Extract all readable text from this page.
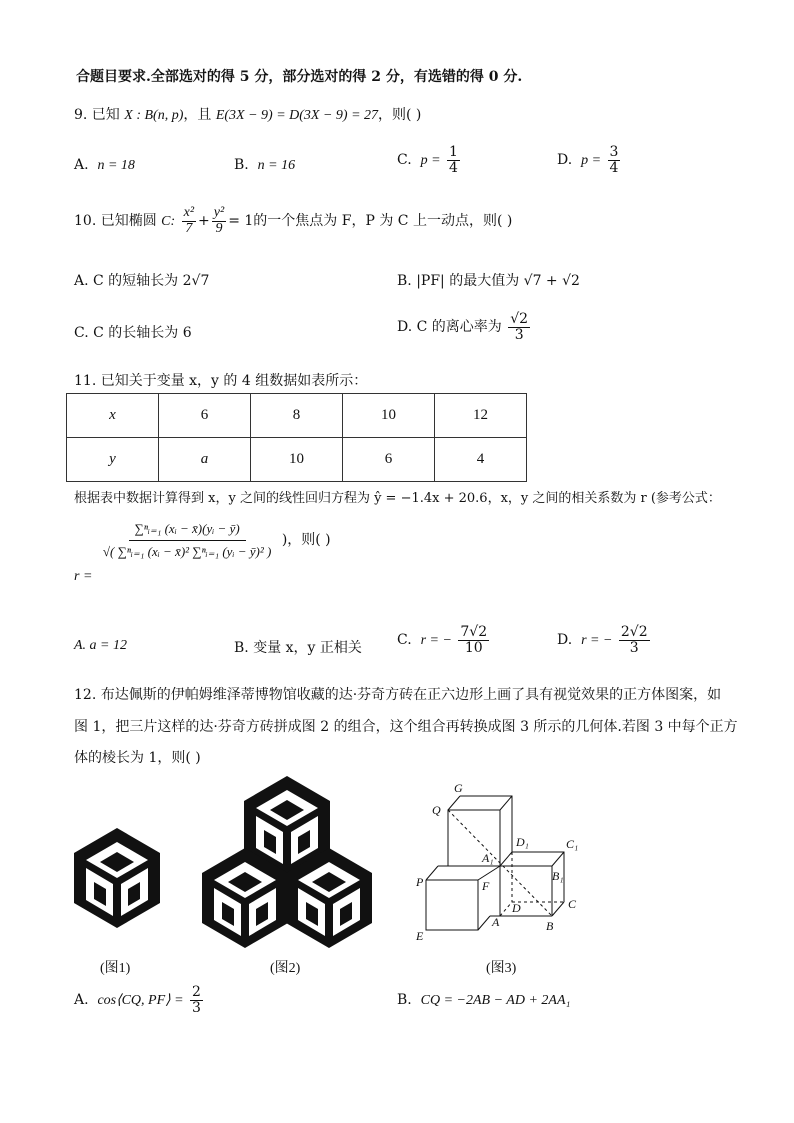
合题目要求.全部选对的得 5 分，部分选对的得 2 分，有选错的得 0 分.
9. 已知 X : B(n, p)，且 E(3X − 9) = D(3X − 9) = 27，则( )
A. n = 18	B. n = 16	C. $p = \frac{1}{4}$	D. $p = \frac{3}{4}$
10. 已知椭圆 C: $\frac{\text{x²}}{7} + \frac{\text{y²}}{9} = 1$的一个焦点为 F，P 为 C 上一动点，则( )
A. C 的短轴长为 2√7	B. |PF| 的最大值为 √7 + √2
C. C 的长轴长为 6	D. C 的离心率为 $\frac{√2}{3}$
11. 已知关于变量 x，y 的 4 组数据如表所示：
x	6	8	10	12
y	a	10	6	4
根据表中数据计算得到 x，y 之间的线性回归方程为 ŷ = −1.4x + 20.6，x，y 之间的相关系数为 r (参考公式：
r =
$\frac{\text{∑ⁿᵢ₌₁ (xᵢ − x̄)(yᵢ − ȳ)}}{\text{√( ∑ⁿᵢ₌₁ (xᵢ − x̄)² ∑ⁿᵢ₌₁ (yᵢ − ȳ)² )}}$ )，则( )
A. a = 12	B. 变量 x，y 正相关	C. r = − $\frac{7√2}{10}$	D. r = − $\frac{2√2}{3}$
12. 布达佩斯的伊帕姆维泽蒂博物馆收藏的达·芬奇方砖在正六边形上画了具有视觉效果的正方体图案，如
图 1，把三片这样的达·芬奇方砖拼成图 2 的组合，这个组合再转换成图 3 所示的几何体.若图 3 中每个正方
体的棱长为 1，则( )
(图1)	(图2)
G
Q
D₁	C₁
A₁
B₁
P	F
D	C
E
A	B
(图3)
A. cos⟨CQ, PF⟩ = $\frac{2}{3}$	B. CQ = −2AB − AD + 2AA₁
